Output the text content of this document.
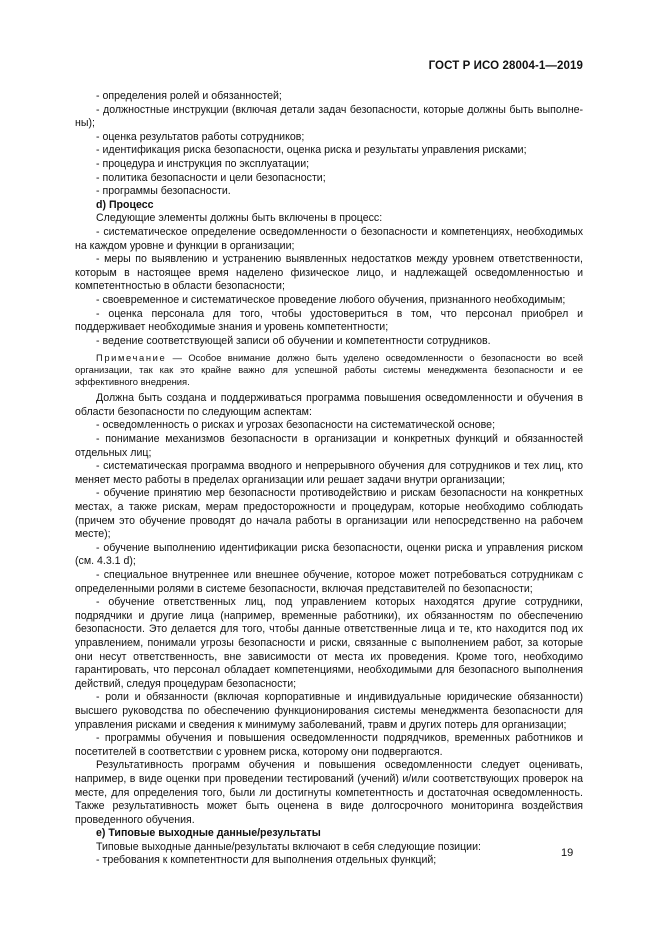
ГОСТ Р ИСО 28004-1—2019

- определения ролей и обязанностей;

- должностные инструкции (включая детали задач безопасности, которые должны быть выполне-ны);

- оценка результатов работы сотрудников;

- идентификация риска безопасности, оценка риска и результаты управления рисками;

- процедура и инструкция по эксплуатации;

- политика безопасности и цели безопасности;

- программы безопасности.

d) Процесс

Следующие элементы должны быть включены в процесс:

- систематическое определение осведомленности о безопасности и компетенциях, необходимых на каждом уровне и функции в организации;

- меры по выявлению и устранению выявленных недостатков между уровнем ответственности, которым в настоящее время наделено физическое лицо, и надлежащей осведомленностью и компетентностью в области безопасности;

- своевременное и систематическое проведение любого обучения, признанного необходимым;

- оценка персонала для того, чтобы удостовериться в том, что персонал приобрел и поддерживает необходимые знания и уровень компетентности;

- ведение соответствующей записи об обучении и компетентности сотрудников.

Примечание — Особое внимание должно быть уделено осведомленности о безопасности во всей организации, так как это крайне важно для успешной работы системы менеджмента безопасности и ее эффективного внедрения.

Должна быть создана и поддерживаться программа повышения осведомленности и обучения в области безопасности по следующим аспектам:

- осведомленность о рисках и угрозах безопасности на систематической основе;

- понимание механизмов безопасности в организации и конкретных функций и обязанностей отдельных лиц;

- систематическая программа вводного и непрерывного обучения для сотрудников и тех лиц, кто меняет место работы в пределах организации или решает задачи внутри организации;

- обучение принятию мер безопасности противодействию и рискам безопасности на конкретных местах, а также рискам, мерам предосторожности и процедурам, которые необходимо соблюдать (причем это обучение проводят до начала работы в организации или непосредственно на рабочем месте);

- обучение выполнению идентификации риска безопасности, оценки риска и управления риском (см. 4.3.1 d);

- специальное внутреннее или внешнее обучение, которое может потребоваться сотрудникам с определенными ролями в системе безопасности, включая представителей по безопасности;

- обучение ответственных лиц, под управлением которых находятся другие сотрудники, подрядчики и другие лица (например, временные работники), их обязанностям по обеспечению безопасности. Это делается для того, чтобы данные ответственные лица и те, кто находится под их управлением, понимали угрозы безопасности и риски, связанные с выполнением работ, за которые они несут ответственность, вне зависимости от места их проведения. Кроме того, необходимо гарантировать, что персонал обладает компетенциями, необходимыми для безопасного выполнения действий, следуя процедурам безопасности;

- роли и обязанности (включая корпоративные и индивидуальные юридические обязанности) высшего руководства по обеспечению функционирования системы менеджмента безопасности для управления рисками и сведения к минимуму заболеваний, травм и других потерь для организации;

- программы обучения и повышения осведомленности подрядчиков, временных работников и посетителей в соответствии с уровнем риска, которому они подвергаются.

Результативность программ обучения и повышения осведомленности следует оценивать, например, в виде оценки при проведении тестирований (учений) и/или соответствующих проверок на месте, для определения того, были ли достигнуты компетентность и достаточная осведомленность. Также результативность может быть оценена в виде долгосрочного мониторинга воздействия проведенного обучения.

е) Типовые выходные данные/результаты

Типовые выходные данные/результаты включают в себя следующие позиции:

- требования к компетентности для выполнения отдельных функций;

19
